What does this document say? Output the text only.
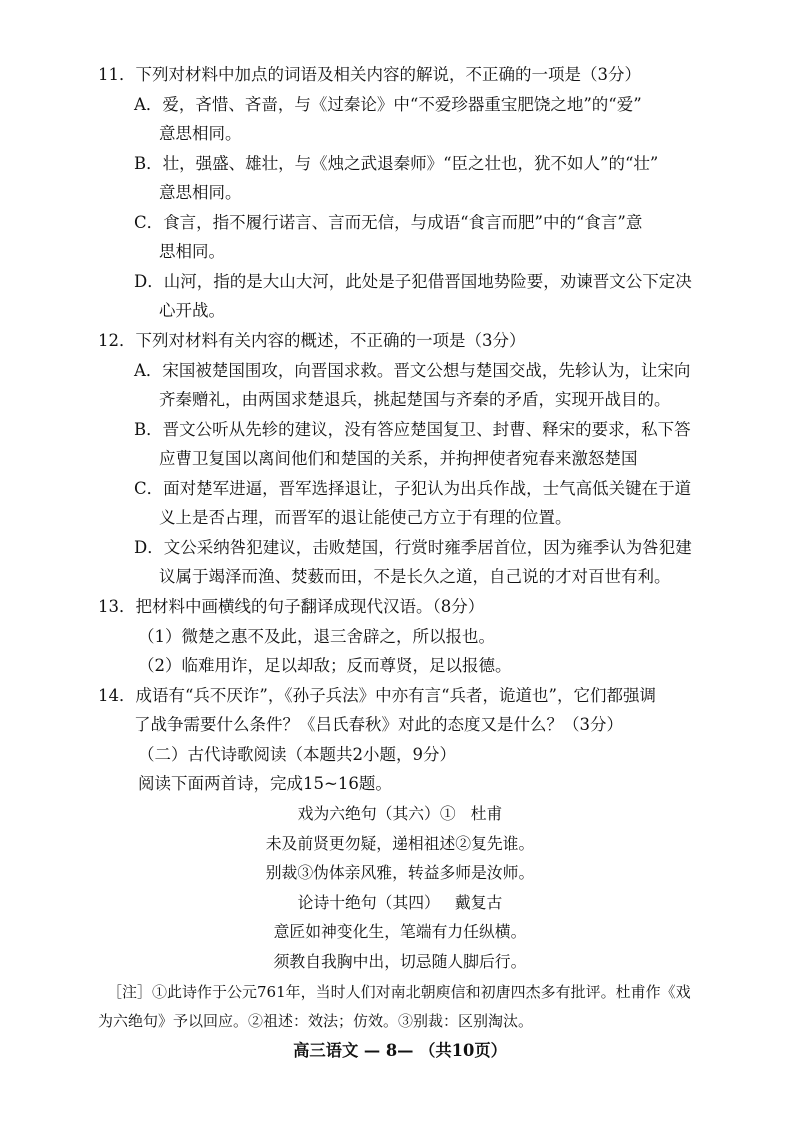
11．下列对材料中加点的词语及相关内容的解说，不正确的一项是（3分）
A．爱，吝惜、吝啬，与《过秦论》中“不爱珍器重宝肥饶之地”的“爱”
意思相同。
B．壮，强盛、雄壮，与《烛之武退秦师》“臣之壮也，犹不如人”的“壮”
意思相同。
C．食言，指不履行诺言、言而无信，与成语“食言而肥”中的“食言”意
思相同。
D．山河，指的是大山大河，此处是子犯借晋国地势险要，劝谏晋文公下定决
心开战。
12．下列对材料有关内容的概述，不正确的一项是（3分）
A．宋国被楚国围攻，向晋国求救。晋文公想与楚国交战，先轸认为，让宋向
齐秦赠礼，由两国求楚退兵，挑起楚国与齐秦的矛盾，实现开战目的。
B．晋文公听从先轸的建议，没有答应楚国复卫、封曹、释宋的要求，私下答
应曹卫复国以离间他们和楚国的关系，并拘押使者宛春来激怒楚国
C．面对楚军进逼，晋军选择退让，子犯认为出兵作战，士气高低关键在于道
义上是否占理，而晋军的退让能使己方立于有理的位置。
D．文公采纳咎犯建议，击败楚国，行赏时雍季居首位，因为雍季认为咎犯建
议属于竭泽而渔、焚薮而田，不是长久之道，自己说的才对百世有利。
13．把材料中画横线的句子翻译成现代汉语。（8分）
（1）微楚之惠不及此，退三舍辟之，所以报也。
（2）临难用诈，足以却敌；反而尊贤，足以报德。
14．成语有“兵不厌诈”，《孙子兵法》中亦有言“兵者，诡道也”，它们都强调
了战争需要什么条件？《吕氏春秋》对此的态度又是什么？（3分）
（二）古代诗歌阅读（本题共2小题，9分）
阅读下面两首诗，完成15~16题。
戏为六绝句（其六）① 杜甫
未及前贤更勿疑，递相祖述②复先谁。
别裁③伪体亲风雅，转益多师是汝师。
论诗十绝句（其四） 戴复古
意匠如神变化生，笔端有力任纵横。
须教自我胸中出，切忌随人脚后行。
［注］①此诗作于公元761年，当时人们对南北朝庾信和初唐四杰多有批评。杜甫作《戏
为六绝句》予以回应。②祖述：效法；仿效。③别裁：区别淘汰。
高三语文 — 8— （共10页）
